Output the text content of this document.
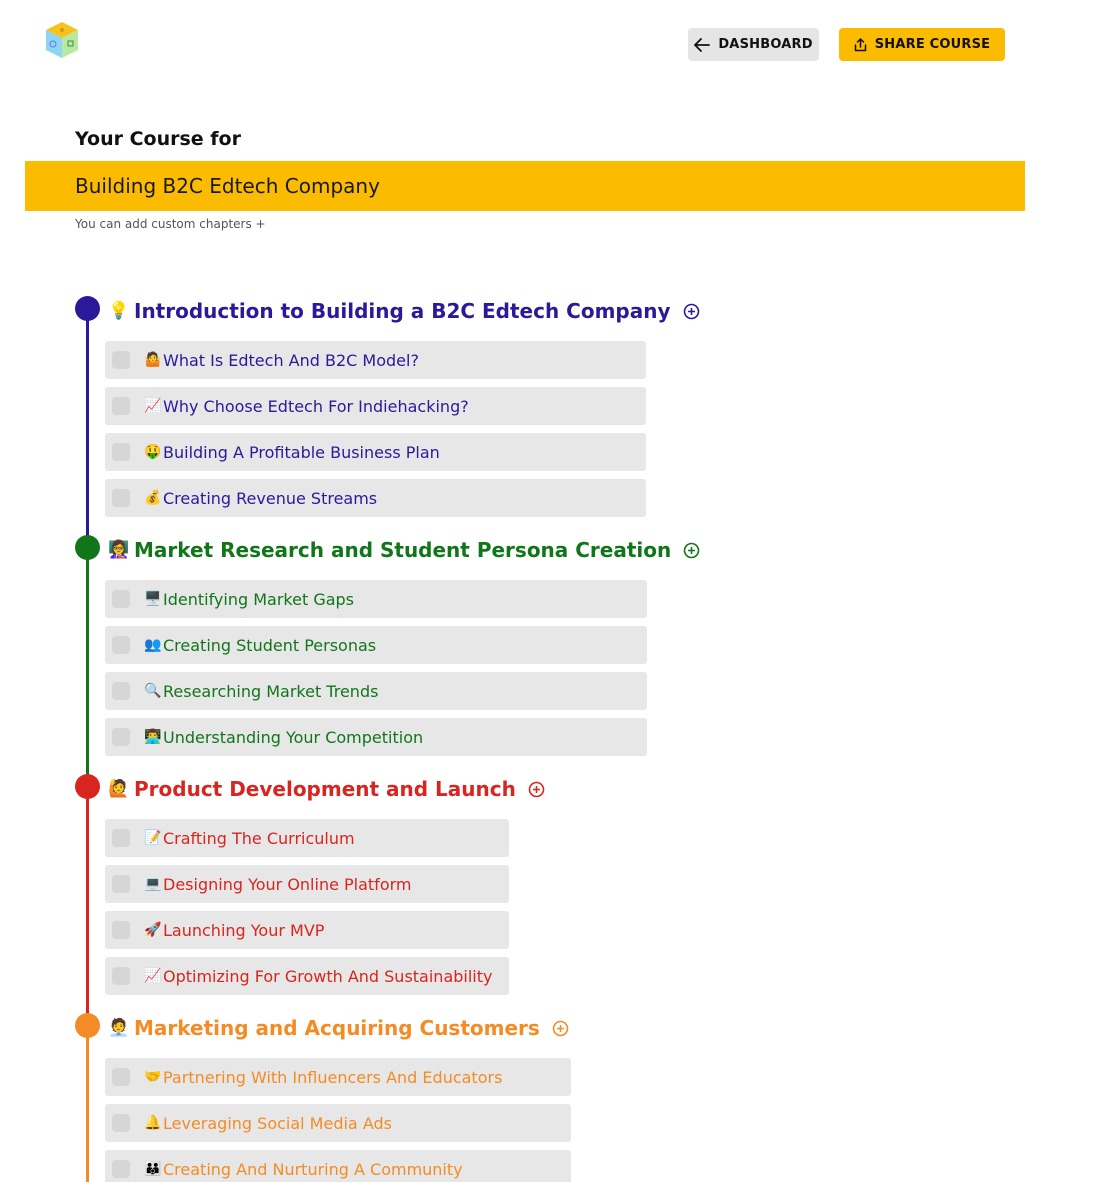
DASHBOARD	SHARE COURSE
Your Course for
Building B2C Edtech Company
You can add custom chapters +
💡 Introduction to Building a B2C Edtech Company
🤷 What Is Edtech And B2C Model?
📈 Why Choose Edtech For Indiehacking?
🤑 Building A Profitable Business Plan
💰 Creating Revenue Streams
👩‍🏫 Market Research and Student Persona Creation
🖥️ Identifying Market Gaps
👥 Creating Student Personas
🔍 Researching Market Trends
👨‍💻 Understanding Your Competition
🙋 Product Development and Launch
📝 Crafting The Curriculum
💻 Designing Your Online Platform
🚀 Launching Your MVP
📈 Optimizing For Growth And Sustainability
🧑‍💼 Marketing and Acquiring Customers
🤝 Partnering With Influencers And Educators
🔔 Leveraging Social Media Ads
👪 Creating And Nurturing A Community
